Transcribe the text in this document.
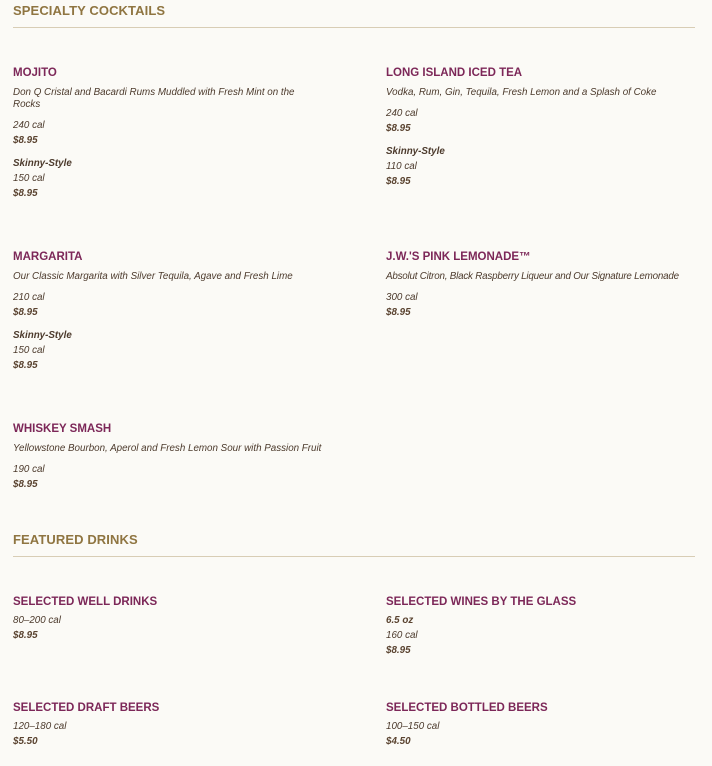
SPECIALTY COCKTAILS
MOJITO
Don Q Cristal and Bacardi Rums Muddled with Fresh Mint on the Rocks
240 cal
$8.95
Skinny-Style
150 cal
$8.95
LONG ISLAND ICED TEA
Vodka, Rum, Gin, Tequila, Fresh Lemon and a Splash of Coke
240 cal
$8.95
Skinny-Style
110 cal
$8.95
MARGARITA
Our Classic Margarita with Silver Tequila, Agave and Fresh Lime
210 cal
$8.95
Skinny-Style
150 cal
$8.95
J.W.'S PINK LEMONADE™
Absolut Citron, Black Raspberry Liqueur and Our Signature Lemonade
300 cal
$8.95
WHISKEY SMASH
Yellowstone Bourbon, Aperol and Fresh Lemon Sour with Passion Fruit
190 cal
$8.95
FEATURED DRINKS
SELECTED WELL DRINKS
80–200 cal
$8.95
SELECTED WINES BY THE GLASS
6.5 oz
160 cal
$8.95
SELECTED DRAFT BEERS
120–180 cal
$5.50
SELECTED BOTTLED BEERS
100–150 cal
$4.50
